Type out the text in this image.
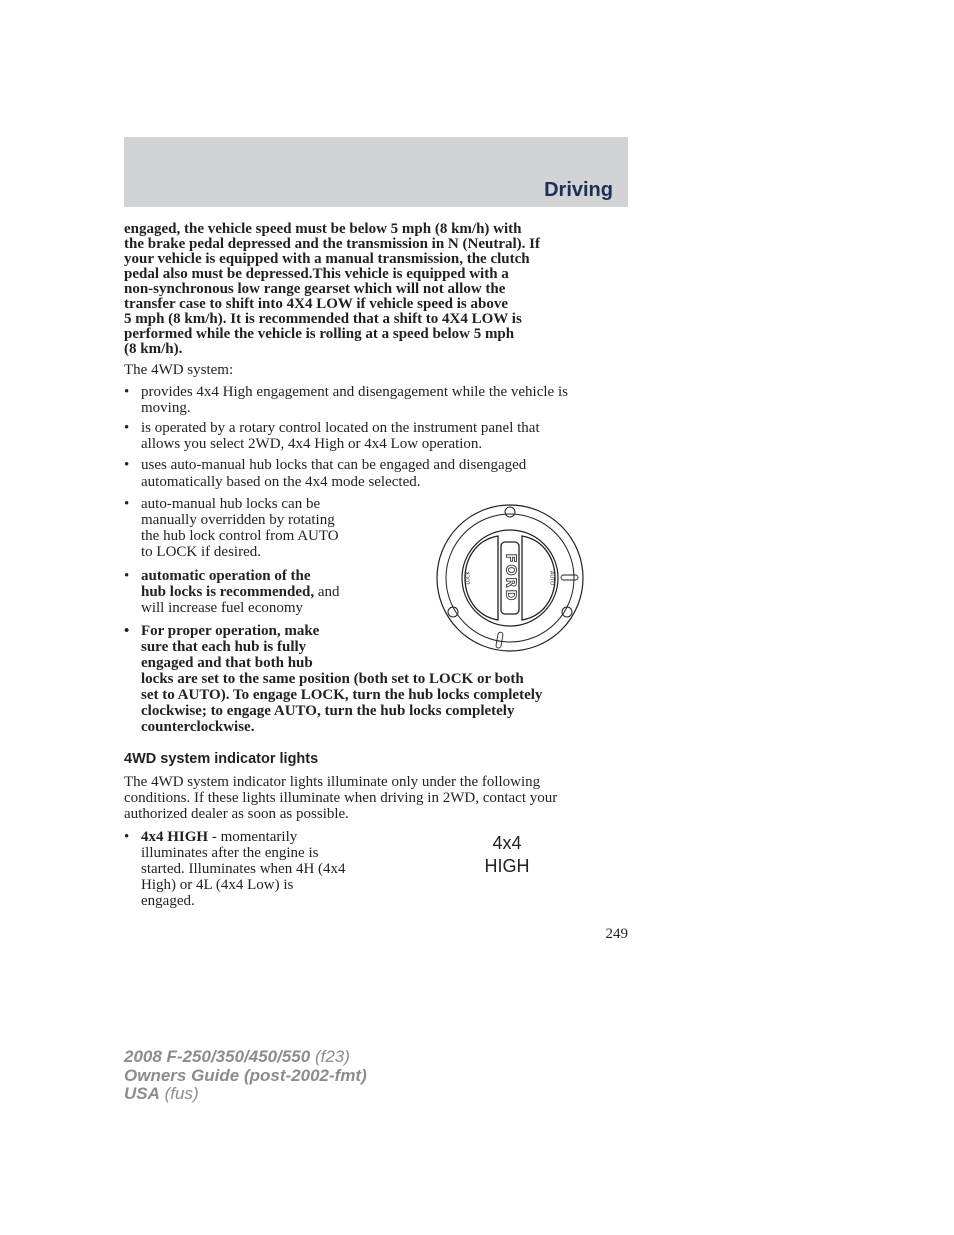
Driving
engaged, the vehicle speed must be below 5 mph (8 km/h) with
the brake pedal depressed and the transmission in N (Neutral). If
your vehicle is equipped with a manual transmission, the clutch
pedal also must be depressed.This vehicle is equipped with a
non-synchronous low range gearset which will not allow the
transfer case to shift into 4X4 LOW if vehicle speed is above
5 mph (8 km/h). It is recommended that a shift to 4X4 LOW is
performed while the vehicle is rolling at a speed below 5 mph
(8 km/h).
The 4WD system:
• provides 4x4 High engagement and disengagement while the vehicle is
moving.
• is operated by a rotary control located on the instrument panel that
allows you select 2WD, 4x4 High or 4x4 Low operation.
• uses auto-manual hub locks that can be engaged and disengaged
automatically based on the 4x4 mode selected.
• auto-manual hub locks can be
manually overridden by rotating
the hub lock control from AUTO
to LOCK if desired.
• automatic operation of the
hub locks is recommended, and
will increase fuel economy
• For proper operation, make
sure that each hub is fully
engaged and that both hub
locks are set to the same position (both set to LOCK or both
set to AUTO). To engage LOCK, turn the hub locks completely
clockwise; to engage AUTO, turn the hub locks completely
counterclockwise.
FORD
LOCK	AUTO
4WD system indicator lights
The 4WD system indicator lights illuminate only under the following
conditions. If these lights illuminate when driving in 2WD, contact your
authorized dealer as soon as possible.
• 4x4 HIGH - momentarily
illuminates after the engine is
started. Illuminates when 4H (4x4
High) or 4L (4x4 Low) is
engaged.
4x4
HIGH
249
2008 F-250/350/450/550 (f23)
Owners Guide (post-2002-fmt)
USA (fus)
